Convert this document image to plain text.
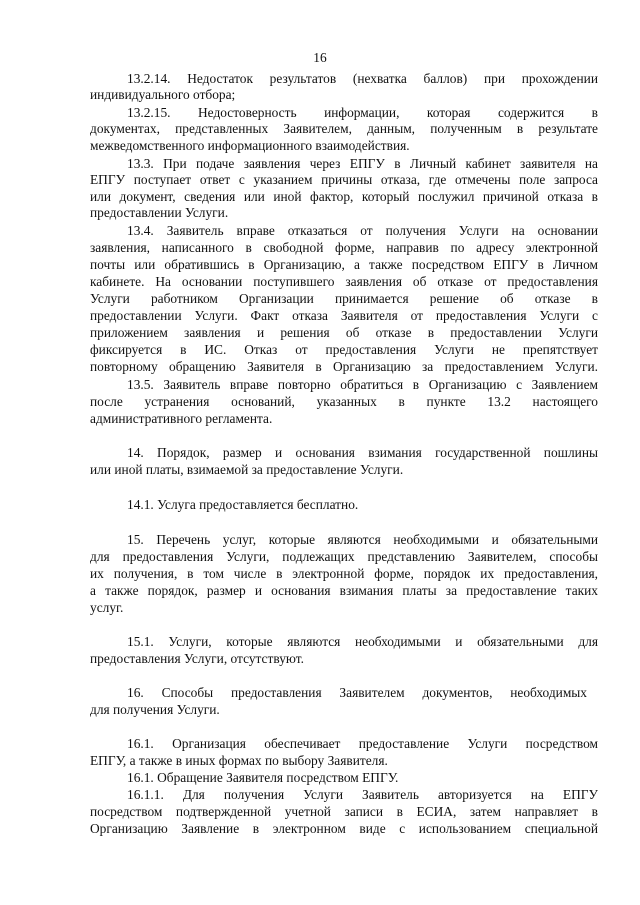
16

13.2.14. Недостаток результатов (нехватка баллов) при прохождении

индивидуального отбора;

13.2.15. Недостоверность информации, которая содержится в

документах, представленных Заявителем, данным, полученным в результате

межведомственного информационного взаимодействия.

13.3. При подаче заявления через ЕПГУ в Личный кабинет заявителя на

ЕПГУ поступает ответ с указанием причины отказа, где отмечены поле запроса

или документ, сведения или иной фактор, который послужил причиной отказа в

предоставлении Услуги.

13.4. Заявитель вправе отказаться от получения Услуги на основании

заявления, написанного в свободной форме, направив по адресу электронной

почты или обратившись в Организацию, а также посредством ЕПГУ в Личном

кабинете. На основании поступившего заявления об отказе от предоставления

Услуги работником Организации принимается решение об отказе в

предоставлении Услуги. Факт отказа Заявителя от предоставления Услуги с

приложением заявления и решения об отказе в предоставлении Услуги

фиксируется в ИС. Отказ от предоставления Услуги не препятствует

повторному обращению Заявителя в Организацию за предоставлением Услуги.

13.5. Заявитель вправе повторно обратиться в Организацию с Заявлением

после устранения оснований, указанных в пункте 13.2 настоящего

административного регламента.

14. Порядок, размер и основания взимания государственной пошлины

или иной платы, взимаемой за предоставление Услуги.

14.1. Услуга предоставляется бесплатно.

15. Перечень услуг, которые являются необходимыми и обязательными

для предоставления Услуги, подлежащих представлению Заявителем, способы

их получения, в том числе в электронной форме, порядок их предоставления,

а также порядок, размер и основания взимания платы за предоставление таких

услуг.

15.1. Услуги, которые являются необходимыми и обязательными для

предоставления Услуги, отсутствуют.

16. Способы предоставления Заявителем документов, необходимых

для получения Услуги.

16.1. Организация обеспечивает предоставление Услуги посредством

ЕПГУ, а также в иных формах по выбору Заявителя.

16.1. Обращение Заявителя посредством ЕПГУ.

16.1.1. Для получения Услуги Заявитель авторизуется на ЕПГУ

посредством подтвержденной учетной записи в ЕСИА, затем направляет в

Организацию Заявление в электронном виде с использованием специальной
